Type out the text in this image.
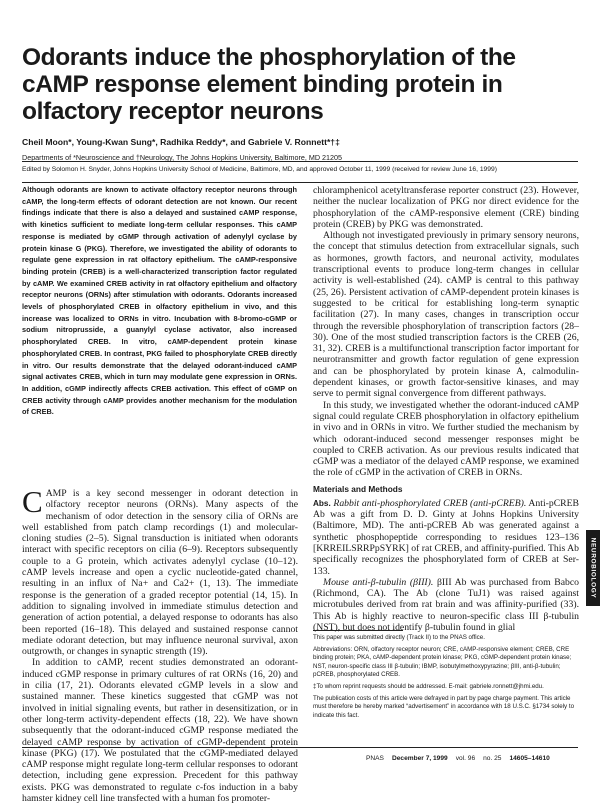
Odorants induce the phosphorylation of the cAMP response element binding protein in olfactory receptor neurons
Cheil Moon*, Young-Kwan Sung*, Radhika Reddy*, and Gabriele V. Ronnett*†‡
Departments of *Neuroscience and †Neurology, The Johns Hopkins University, Baltimore, MD 21205
Edited by Solomon H. Snyder, Johns Hopkins University School of Medicine, Baltimore, MD, and approved October 11, 1999 (received for review June 16, 1999)

Although odorants are known to activate olfactory receptor neurons through cAMP, the long-term effects of odorant detection are not known. Our recent findings indicate that there is also a delayed and sustained cAMP response, with kinetics sufficient to mediate long-term cellular responses. This cAMP response is mediated by cGMP through activation of adenylyl cyclase by protein kinase G (PKG). Therefore, we investigated the ability of odorants to regulate gene expression in rat olfactory epithelium. The cAMP-responsive binding protein (CREB) is a well-characterized transcription factor regulated by cAMP. We examined CREB activity in rat olfactory epithelium and olfactory receptor neurons (ORNs) after stimulation with odorants. Odorants increased levels of phosphorylated CREB in olfactory epithelium in vivo, and this increase was localized to ORNs in vitro. Incubation with 8-bromo-cGMP or sodium nitroprusside, a guanylyl cyclase activator, also increased phosphorylated CREB. In vitro, cAMP-dependent protein kinase phosphorylated CREB. In contrast, PKG failed to phosphorylate CREB directly in vitro. Our results demonstrate that the delayed odorant-induced cAMP signal activates CREB, which in turn may modulate gene expression in ORNs. In addition, cGMP indirectly affects CREB activation. This effect of cGMP on CREB activity through cAMP provides another mechanism for the modulation of CREB.

CAMP is a key second messenger in odorant detection in olfactory receptor neurons (ORNs). Many aspects of the mechanism of odor detection in the sensory cilia of ORNs are well established from patch clamp recordings (1) and molecular-cloning studies (2–5). Signal transduction is initiated when odorants interact with specific receptors on cilia (6–9). Receptors subsequently couple to a G protein, which activates adenylyl cyclase (10–12). cAMP levels increase and open a cyclic nucleotide-gated channel, resulting in an influx of Na+ and Ca2+ (1, 13). The immediate response is the generation of a graded receptor potential (14, 15). In addition to signaling involved in immediate stimulus detection and generation of action potential, a delayed response to odorants has also been reported (16–18). This delayed and sustained response cannot mediate odorant detection, but may influence neuronal survival, axon outgrowth, or changes in synaptic strength (19).

In addition to cAMP, recent studies demonstrated an odorant-induced cGMP response in primary cultures of rat ORNs (16, 20) and in cilia (17, 21). Odorants elevated cGMP levels in a slow and sustained manner. These kinetics suggested that cGMP was not involved in initial signaling events, but rather in desensitization, or in other long-term activity-dependent effects (18, 22). We have shown subsequently that the odorant-induced cGMP response mediated the delayed cAMP response by activation of cGMP-dependent protein kinase (PKG) (17). We postulated that the cGMP-mediated delayed cAMP response might regulate long-term cellular responses to odorant detection, including gene expression. Precedent for this pathway exists. PKG was demonstrated to regulate c-fos induction in a baby hamster kidney cell line transfected with a human fos promoter-

chloramphenicol acetyltransferase reporter construct (23). However, neither the nuclear localization of PKG nor direct evidence for the phosphorylation of the cAMP-responsive element (CRE) binding protein (CREB) by PKG was demonstrated.

Although not investigated previously in primary sensory neurons, the concept that stimulus detection from extracellular signals, such as hormones, growth factors, and neuronal activity, modulates transcriptional events to produce long-term changes in cellular activity is well-established (24). cAMP is central to this pathway (25, 26). Persistent activation of cAMP-dependent protein kinases is suggested to be critical for establishing long-term synaptic facilitation (27). In many cases, changes in transcription occur through the reversible phosphorylation of transcription factors (28–30). One of the most studied transcription factors is the CREB (26, 31, 32). CREB is a multifunctional transcription factor important for neurotransmitter and growth factor regulation of gene expression and can be phosphorylated by protein kinase A, calmodulin-dependent kinases, or growth factor-sensitive kinases, and may serve to permit signal convergence from different pathways.

In this study, we investigated whether the odorant-induced cAMP signal could regulate CREB phosphorylation in olfactory epithelium in vivo and in ORNs in vitro. We further studied the mechanism by which odorant-induced second messenger responses might be coupled to CREB activation. As our previous results indicated that cGMP was a mediator of the delayed cAMP response, we examined the role of cGMP in the activation of CREB in ORNs.

Materials and Methods

Abs. Rabbit anti-phosphorylated CREB (anti-pCREB). Anti-pCREB Ab was a gift from D. D. Ginty at Johns Hopkins University (Baltimore, MD). The anti-pCREB Ab was generated against a synthetic phosphopeptide corresponding to residues 123–136 [KRREILSRRPpSYRK] of rat CREB, and affinity-purified. This Ab specifically recognizes the phosphorylated form of CREB at Ser-133.

Mouse anti-β-tubulin (βIII). βIII Ab was purchased from Babco (Richmond, CA). The Ab (clone TuJ1) was raised against microtubules derived from rat brain and was affinity-purified (33). This Ab is highly reactive to neuron-specific class III β-tubulin (NST), but does not identify β-tubulin found in glial

This paper was submitted directly (Track II) to the PNAS office.

Abbreviations: ORN, olfactory receptor neuron; CRE, cAMP-responsive element; CREB, CRE binding protein; PKA, cAMP-dependent protein kinase; PKG, cGMP-dependent protein kinase; NST, neuron-specific class III β-tubulin; IBMP, isobutylmethoxypyrazine; βIII, anti-β-tubulin; pCREB, phosphorylated CREB.

‡To whom reprint requests should be addressed. E-mail: gabriele.ronnett@jhmi.edu.

The publication costs of this article were defrayed in part by page charge payment. This article must therefore be hereby marked “advertisement” in accordance with 18 U.S.C. §1734 solely to indicate this fact.

NEUROBIOLOGY
PNAS December 7, 1999 vol. 96 no. 25 14605–14610
